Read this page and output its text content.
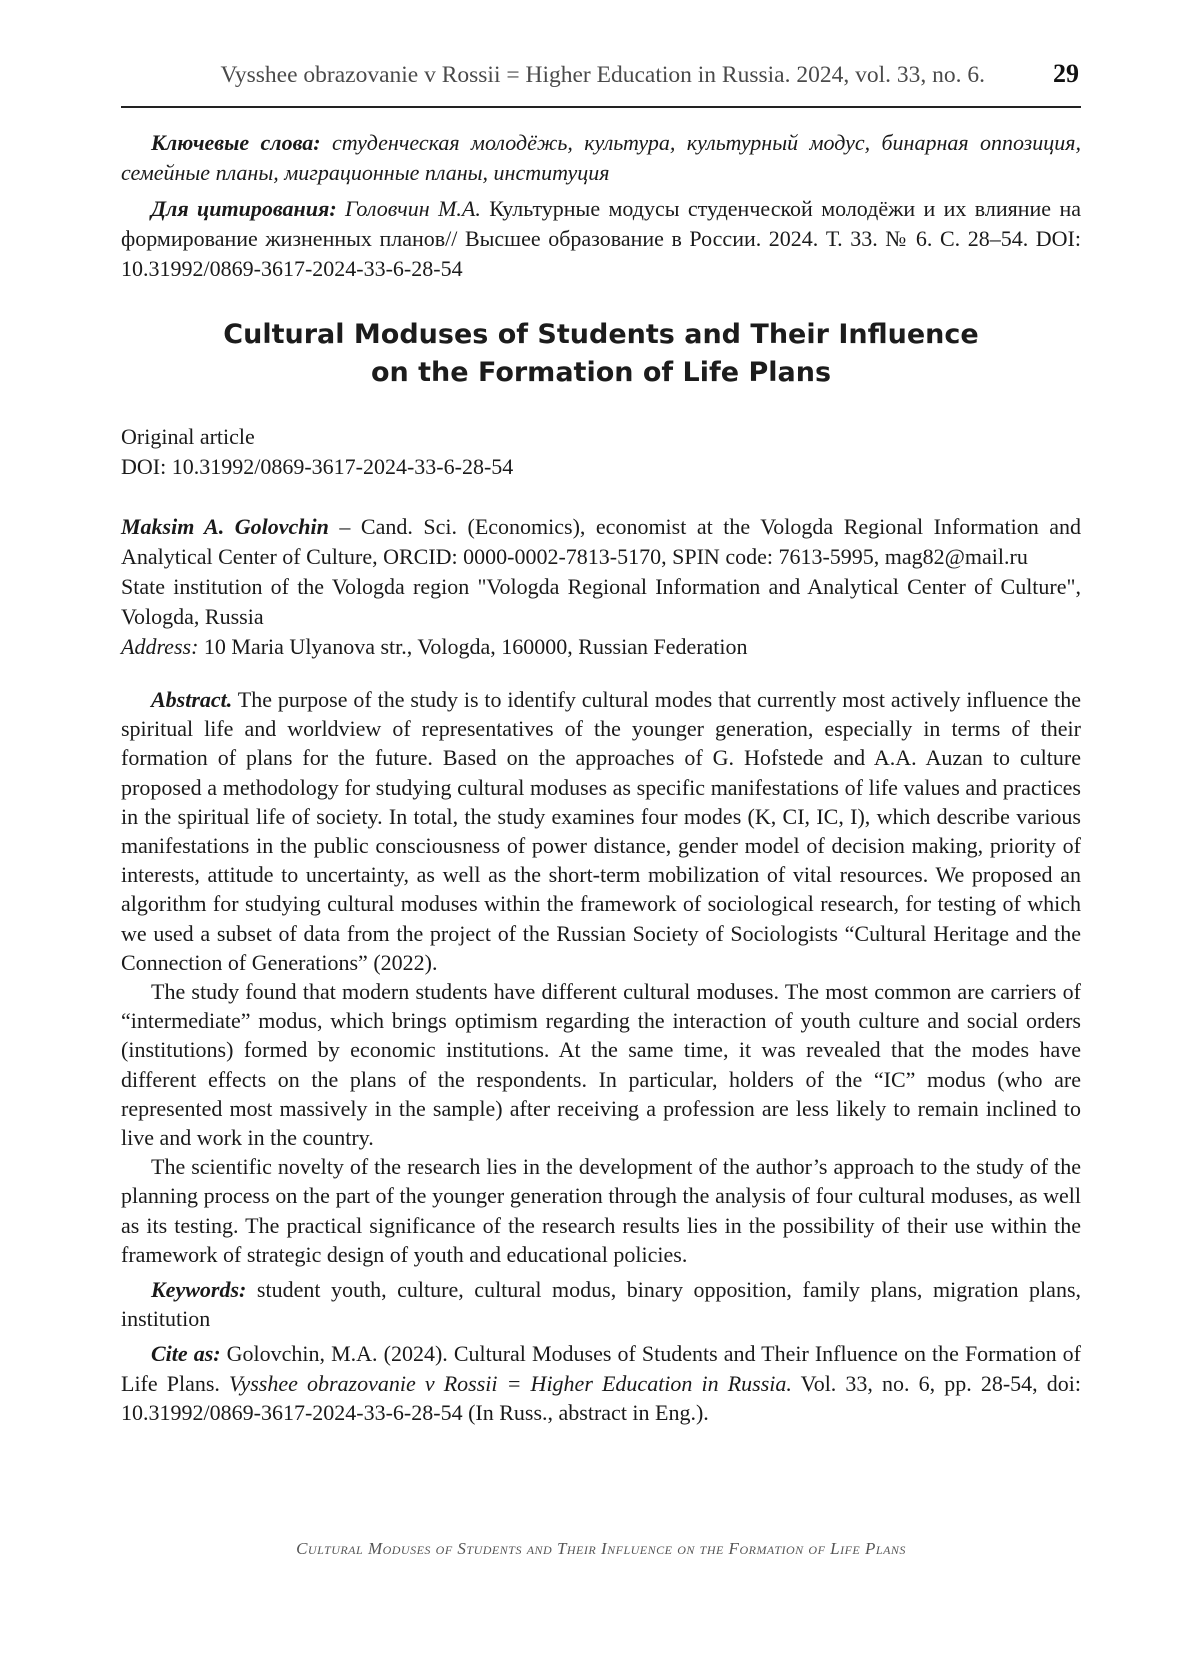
Vysshee obrazovanie v Rossii = Higher Education in Russia. 2024, vol. 33, no. 6.	29

Ключевые слова: студенческая молодёжь, культура, культурный модус, бинарная оппозиция, семейные планы, миграционные планы, институция

Для цитирования: Головчин М.А. Культурные модусы студенческой молодёжи и их влияние на формирование жизненных планов// Высшее образование в России. 2024. Т. 33. № 6. С. 28–54. DOI: 10.31992/0869-3617-2024-33-6-28-54

Cultural Moduses of Students and Their Influence
on the Formation of Life Plans
Original article
DOI: 10.31992/0869-3617-2024-33-6-28-54

Maksim A. Golovchin – Cand. Sci. (Economics), economist at the Vologda Regional Information and Analytical Center of Culture, ORCID: 0000-0002-7813-5170, SPIN code: 7613-5995, mag82@mail.ru

State institution of the Vologda region "Vologda Regional Information and Analytical Center of Culture", Vologda, Russia

Address: 10 Maria Ulyanova str., Vologda, 160000, Russian Federation

Abstract. The purpose of the study is to identify cultural modes that currently most actively influence the spiritual life and worldview of representatives of the younger generation, especially in terms of their formation of plans for the future. Based on the approaches of G. Hofstede and A.A. Auzan to culture proposed a methodology for studying cultural moduses as specific manifestations of life values and practices in the spiritual life of society. In total, the study examines four modes (K, CI, IC, I), which describe various manifestations in the public consciousness of power distance, gender model of decision making, priority of interests, attitude to uncertainty, as well as the short-term mobilization of vital resources. We proposed an algorithm for studying cultural moduses within the framework of sociological research, for testing of which we used a subset of data from the project of the Russian Society of Sociologists “Cultural Heritage and the Connection of Generations” (2022).

The study found that modern students have different cultural moduses. The most common are carriers of “intermediate” modus, which brings optimism regarding the interaction of youth culture and social orders (institutions) formed by economic institutions. At the same time, it was revealed that the modes have different effects on the plans of the respondents. In particular, holders of the “IC” modus (who are represented most massively in the sample) after receiving a profession are less likely to remain inclined to live and work in the country.

The scientific novelty of the research lies in the development of the author’s approach to the study of the planning process on the part of the younger generation through the analysis of four cultural moduses, as well as its testing. The practical significance of the research results lies in the possibility of their use within the framework of strategic design of youth and educational policies.

Keywords: student youth, culture, cultural modus, binary opposition, family plans, migration plans, institution

Cite as: Golovchin, M.A. (2024). Cultural Moduses of Students and Their Influence on the Formation of Life Plans. Vysshee obrazovanie v Rossii = Higher Education in Russia. Vol. 33, no. 6, pp. 28-54, doi: 10.31992/0869-3617-2024-33-6-28-54 (In Russ., abstract in Eng.).

Cultural Moduses of Students and Their Influence on the Formation of Life Plans
